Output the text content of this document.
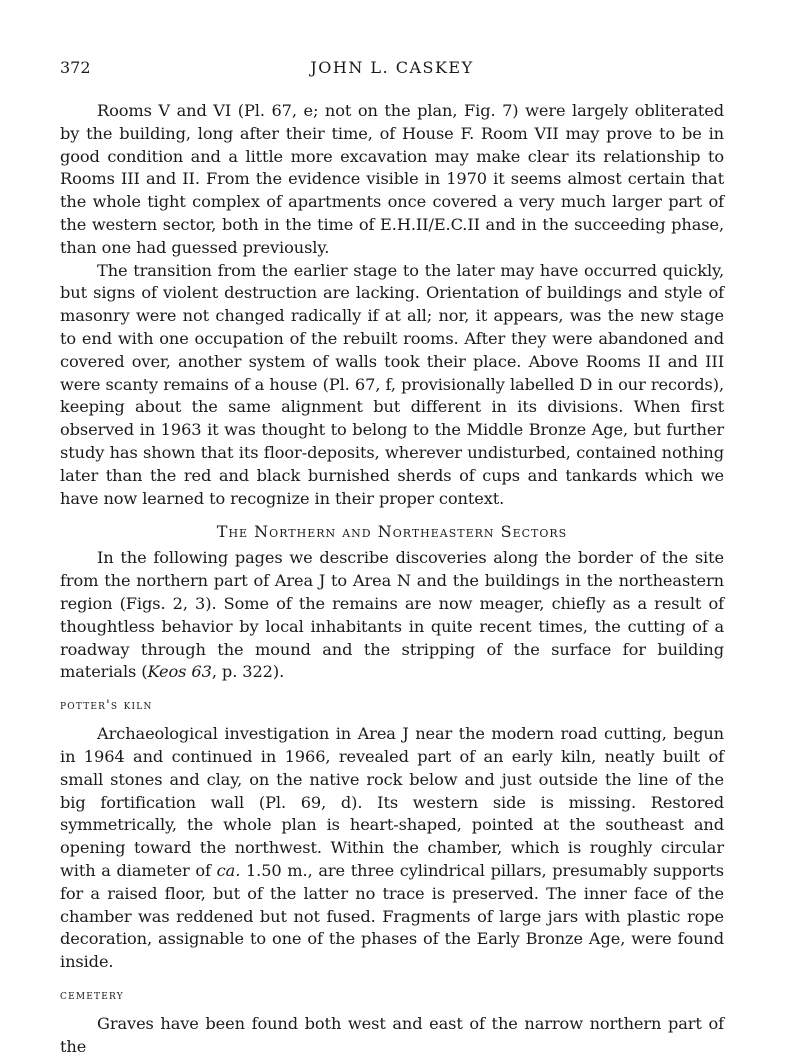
372	JOHN L. CASKEY

Rooms V and VI (Pl. 67, e; not on the plan, Fig. 7) were largely obliterated by the building, long after their time, of House F. Room VII may prove to be in good condition and a little more excavation may make clear its relationship to Rooms III and II. From the evidence visible in 1970 it seems almost certain that the whole tight complex of apartments once covered a very much larger part of the western sector, both in the time of E.H.II/E.C.II and in the succeeding phase, than one had guessed previously.

The transition from the earlier stage to the later may have occurred quickly, but signs of violent destruction are lacking. Orientation of buildings and style of masonry were not changed radically if at all; nor, it appears, was the new stage to end with one occupation of the rebuilt rooms. After they were abandoned and covered over, another system of walls took their place. Above Rooms II and III were scanty remains of a house (Pl. 67, f, provisionally labelled D in our records), keeping about the same alignment but different in its divisions. When first observed in 1963 it was thought to belong to the Middle Bronze Age, but further study has shown that its floor-deposits, wherever undisturbed, contained nothing later than the red and black burnished sherds of cups and tankards which we have now learned to recognize in their proper context.

The Northern and Northeastern Sectors

In the following pages we describe discoveries along the border of the site from the northern part of Area J to Area N and the buildings in the northeastern region (Figs. 2, 3). Some of the remains are now meager, chiefly as a result of thoughtless behavior by local inhabitants in quite recent times, the cutting of a roadway through the mound and the stripping of the surface for building materials (Keos 63, p. 322).

potter's kiln

Archaeological investigation in Area J near the modern road cutting, begun in 1964 and continued in 1966, revealed part of an early kiln, neatly built of small stones and clay, on the native rock below and just outside the line of the big fortification wall (Pl. 69, d). Its western side is missing. Restored symmetrically, the whole plan is heart-shaped, pointed at the southeast and opening toward the northwest. Within the chamber, which is roughly circular with a diameter of ca. 1.50 m., are three cylindrical pillars, presumably supports for a raised floor, but of the latter no trace is preserved. The inner face of the chamber was reddened but not fused. Fragments of large jars with plastic rope decoration, assignable to one of the phases of the Early Bronze Age, were found inside.

cemetery

Graves have been found both west and east of the narrow northern part of the
